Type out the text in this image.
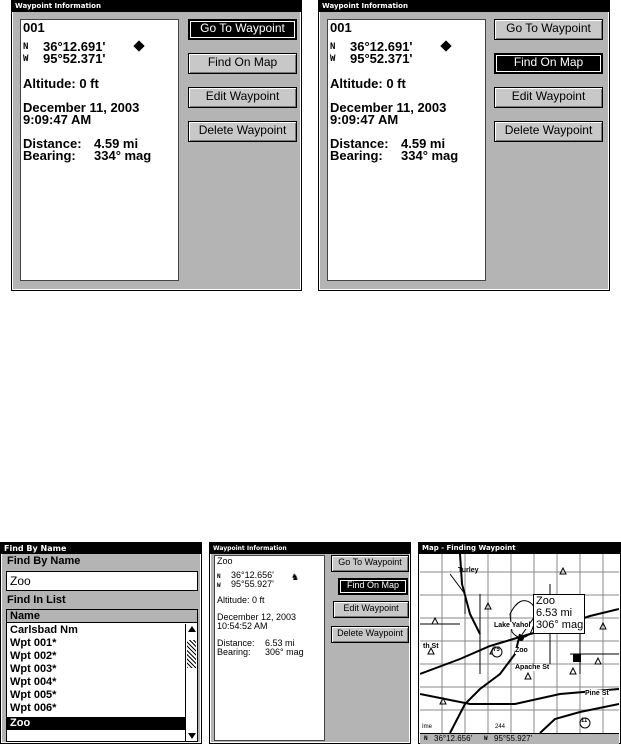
Waypoint Information
001
N 36°12.691'
W 95°52.371'
Altitude: 0 ft
December 11, 2003
9:09:47 AM
Distance: 4.59 mi
Bearing: 334° mag
Go To Waypoint
Find On Map
Edit Waypoint
Delete Waypoint
Waypoint Information
001
N 36°12.691'
W 95°52.371'
Altitude: 0 ft
December 11, 2003
9:09:47 AM
Distance: 4.59 mi
Bearing: 334° mag
Go To Waypoint
Find On Map
Edit Waypoint
Delete Waypoint
Find By Name
Find By Name
Zoo
Find In List
Name
Carlsbad Nm
Wpt 001*
Wpt 002*
Wpt 003*
Wpt 004*
Wpt 005*
Wpt 006*
Zoo
Waypoint Information
Zoo
N 36°12.656'
W 95°55.927'
♞
Altitude: 0 ft
December 12, 2003
10:54:52 AM
Distance: 6.53 mi
Bearing: 306° mag
Go To Waypoint
Find On Map
Edit Waypoint
Delete Waypoint
Map - Finding Waypoint
Turley
Lake Yahol
Zoo
th St
Apache St
Pine St
75
11
244
Ime
Zoo
6.53 mi
306° mag
N 36°12.656' W 95°55.927'
